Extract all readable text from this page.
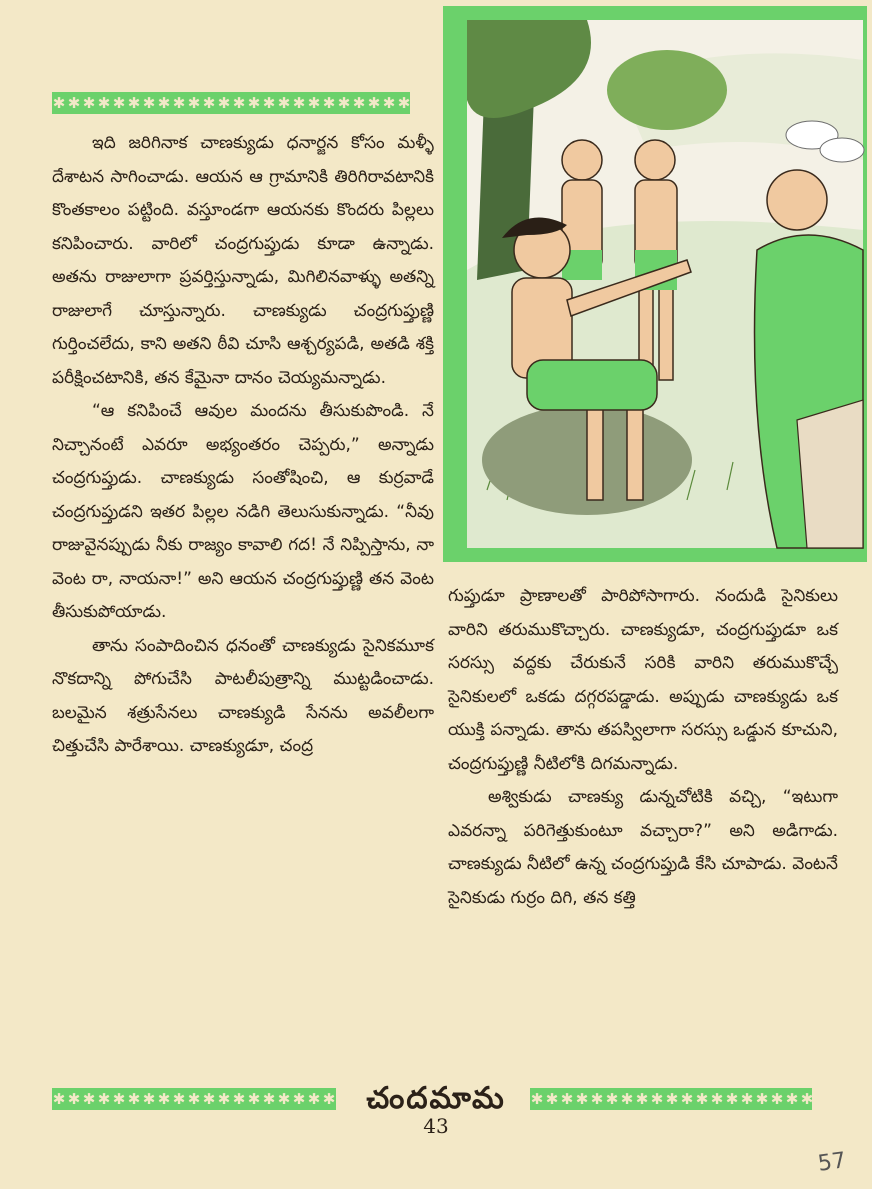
✱✱✱✱✱✱✱✱✱✱✱✱✱✱✱✱✱✱✱✱✱✱✱✱

ఇది జరిగినాక చాణక్యుడు ధనార్జన కోసం మళ్ళీ దేశాటన సాగించాడు. ఆయన ఆ గ్రామానికి తిరిగిరావటానికి కొంతకాలం పట్టింది. వస్తూండగా ఆయనకు కొందరు పిల్లలు కనిపించారు. వారిలో చంద్రగుప్తుడు కూడా ఉన్నాడు. అతను రాజులాగా ప్రవర్తిస్తున్నాడు, మిగిలినవాళ్ళు అతన్ని రాజులాగే చూస్తున్నారు. చాణక్యుడు చంద్రగుప్తుణ్ణి గుర్తించలేదు, కాని అతని ఠీవి చూసి ఆశ్చర్యపడి, అతడి శక్తి పరీక్షించటానికి, తన కేమైనా దానం చెయ్యమన్నాడు.

“ఆ కనిపించే ఆవుల మందను తీసుకుపొండి. నే నిచ్చానంటే ఎవరూ అభ్యంతరం చెప్పరు,” అన్నాడు చంద్రగుప్తుడు. చాణక్యుడు సంతోషించి, ఆ కుర్రవాడే చంద్రగుప్తుడని ఇతర పిల్లల నడిగి తెలుసుకున్నాడు. “నీవు రాజువైనప్పుడు నీకు రాజ్యం కావాలి గద! నే నిప్పిస్తాను, నా వెంట రా, నాయనా!” అని ఆయన చంద్రగుప్తుణ్ణి తన వెంట తీసుకుపోయాడు.

తాను సంపాదించిన ధనంతో చాణక్యుడు సైనికమూక నొకదాన్ని పోగుచేసి పాటలీపుత్రాన్ని ముట్టడించాడు. బలమైన శత్రుసేనలు చాణక్యుడి సేనను అవలీలగా చిత్తుచేసి పారేశాయి. చాణక్యుడూ, చంద్ర

గుప్తుడూ ప్రాణాలతో పారిపోసాగారు. నందుడి సైనికులు వారిని తరుముకొచ్చారు. చాణక్యుడూ, చంద్రగుప్తుడూ ఒక సరస్సు వద్దకు చేరుకునే సరికి వారిని తరుముకొచ్చే సైనికులలో ఒకడు దగ్గరపడ్డాడు. అప్పుడు చాణక్యుడు ఒక యుక్తి పన్నాడు. తాను తపస్విలాగా సరస్సు ఒడ్డున కూచుని, చంద్రగుప్తుణ్ణి నీటిలోకి దిగమన్నాడు.

అశ్వికుడు చాణక్యు డున్నచోటికి వచ్చి, “ఇటుగా ఎవరన్నా పరిగెత్తుకుంటూ వచ్చారా?” అని అడిగాడు. చాణక్యుడు నీటిలో ఉన్న చంద్రగుప్తుడి కేసి చూపాడు. వెంటనే సైనికుడు గుర్రం దిగి, తన కత్తి

✱✱✱✱✱✱✱✱✱✱✱✱✱✱✱✱✱✱✱	చందమామ	✱✱✱✱✱✱✱✱✱✱✱✱✱✱✱✱✱✱✱
43
57
